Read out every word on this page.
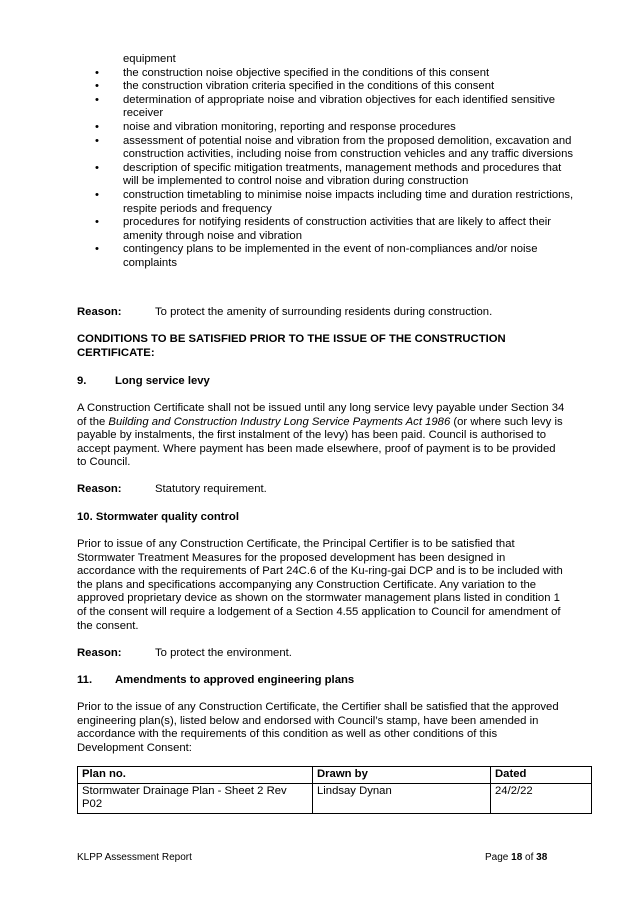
equipment

•	the construction noise objective specified in the conditions of this consent

•	the construction vibration criteria specified in the conditions of this consent

•	determination of appropriate noise and vibration objectives for each identified sensitive receiver

•	noise and vibration monitoring, reporting and response procedures

•	assessment of potential noise and vibration from the proposed demolition, excavation and construction activities, including noise from construction vehicles and any traffic diversions

•	description of specific mitigation treatments, management methods and procedures that will be implemented to control noise and vibration during construction

•	construction timetabling to minimise noise impacts including time and duration restrictions, respite periods and frequency

•	procedures for notifying residents of construction activities that are likely to affect their amenity through noise and vibration

•	contingency plans to be implemented in the event of non-compliances and/or noise complaints

Reason:	To protect the amenity of surrounding residents during construction.
CONDITIONS TO BE SATISFIED PRIOR TO THE ISSUE OF THE CONSTRUCTION CERTIFICATE:
9.	Long service levy
A Construction Certificate shall not be issued until any long service levy payable under Section 34 of the Building and Construction Industry Long Service Payments Act 1986 (or where such levy is payable by instalments, the first instalment of the levy) has been paid. Council is authorised to accept payment. Where payment has been made elsewhere, proof of payment is to be provided to Council.
Reason:	Statutory requirement.
10. Stormwater quality control
Prior to issue of any Construction Certificate, the Principal Certifier is to be satisfied that Stormwater Treatment Measures for the proposed development has been designed in accordance with the requirements of Part 24C.6 of the Ku-ring-gai DCP and is to be included with the plans and specifications accompanying any Construction Certificate. Any variation to the approved proprietary device as shown on the stormwater management plans listed in condition 1 of the consent will require a lodgement of a Section 4.55 application to Council for amendment of the consent.
Reason:	To protect the environment.
11. Amendments to approved engineering plans
Prior to the issue of any Construction Certificate, the Certifier shall be satisfied that the approved engineering plan(s), listed below and endorsed with Council’s stamp, have been amended in accordance with the requirements of this condition as well as other conditions of this Development Consent:
Plan no.	Drawn by	Dated
Stormwater Drainage Plan - Sheet 2 Rev P02	Lindsay Dynan	24/2/22
KLPP Assessment Report	Page 18 of 38
